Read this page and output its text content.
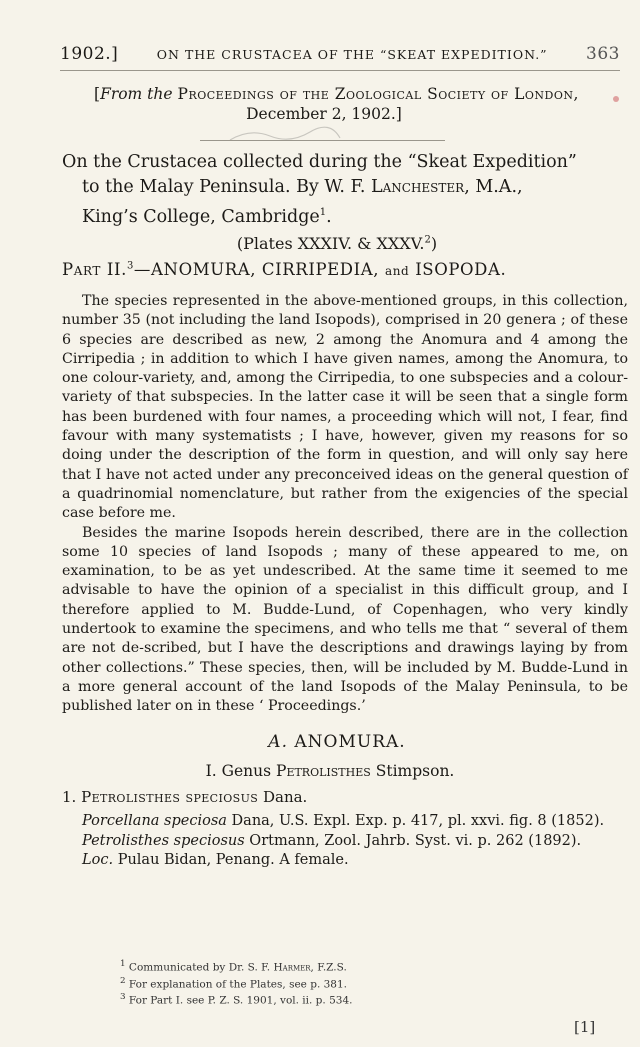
1902.]	ON THE CRUSTACEA OF THE “SKEAT EXPEDITION.” 363
[From the Proceedings of the Zoological Society of London,
December 2, 1902.]
On the Crustacea collected during the “Skeat Expedition”
to the Malay Peninsula. By W. F. Lanchester, M.A.,
King’s College, Cambridge$^1$.
(Plates XXXIV. & XXXV.$^2$)
Part II.$^3$—ANOMURA, CIRRIPEDIA, and ISOPODA.

The species represented in the above-mentioned groups, in this collection, number 35 (not including the land Isopods), comprised in 20 genera ; of these 6 species are described as new, 2 among the Anomura and 4 among the Cirripedia ; in addition to which I have given names, among the Anomura, to one colour-variety, and, among the Cirripedia, to one subspecies and a colour-variety of that subspecies. In the latter case it will be seen that a single form has been burdened with four names, a proceeding which will not, I fear, find favour with many systematists ; I have, however, given my reasons for so doing under the description of the form in question, and will only say here that I have not acted under any preconceived ideas on the general question of a quadrinomial nomenclature, but rather from the exigencies of the special case before me.

Besides the marine Isopods herein described, there are in the collection some 10 species of land Isopods ; many of these appeared to me, on examination, to be as yet undescribed. At the same time it seemed to me advisable to have the opinion of a specialist in this difficult group, and I therefore applied to M. Budde-Lund, of Copenhagen, who very kindly undertook to examine the specimens, and who tells me that “ several of them are not de-scribed, but I have the descriptions and drawings laying by from other collections.” These species, then, will be included by M. Budde-Lund in a more general account of the land Isopods of the Malay Peninsula, to be published later on in these ‘ Proceedings.’

A. ANOMURA.
I. Genus Petrolisthes Stimpson.
1. Petrolisthes speciosus Dana.

Porcellana speciosa Dana, U.S. Expl. Exp. p. 417, pl. xxvi. fig. 8 (1852).

Petrolisthes speciosus Ortmann, Zool. Jahrb. Syst. vi. p. 262 (1892).

Loc. Pulau Bidan, Penang. A female.

$^1$ Communicated by Dr. S. F. Harmer, F.Z.S.
$^2$ For explanation of the Plates, see p. 381.
$^3$ For Part I. see P. Z. S. 1901, vol. ii. p. 534.
[1]
